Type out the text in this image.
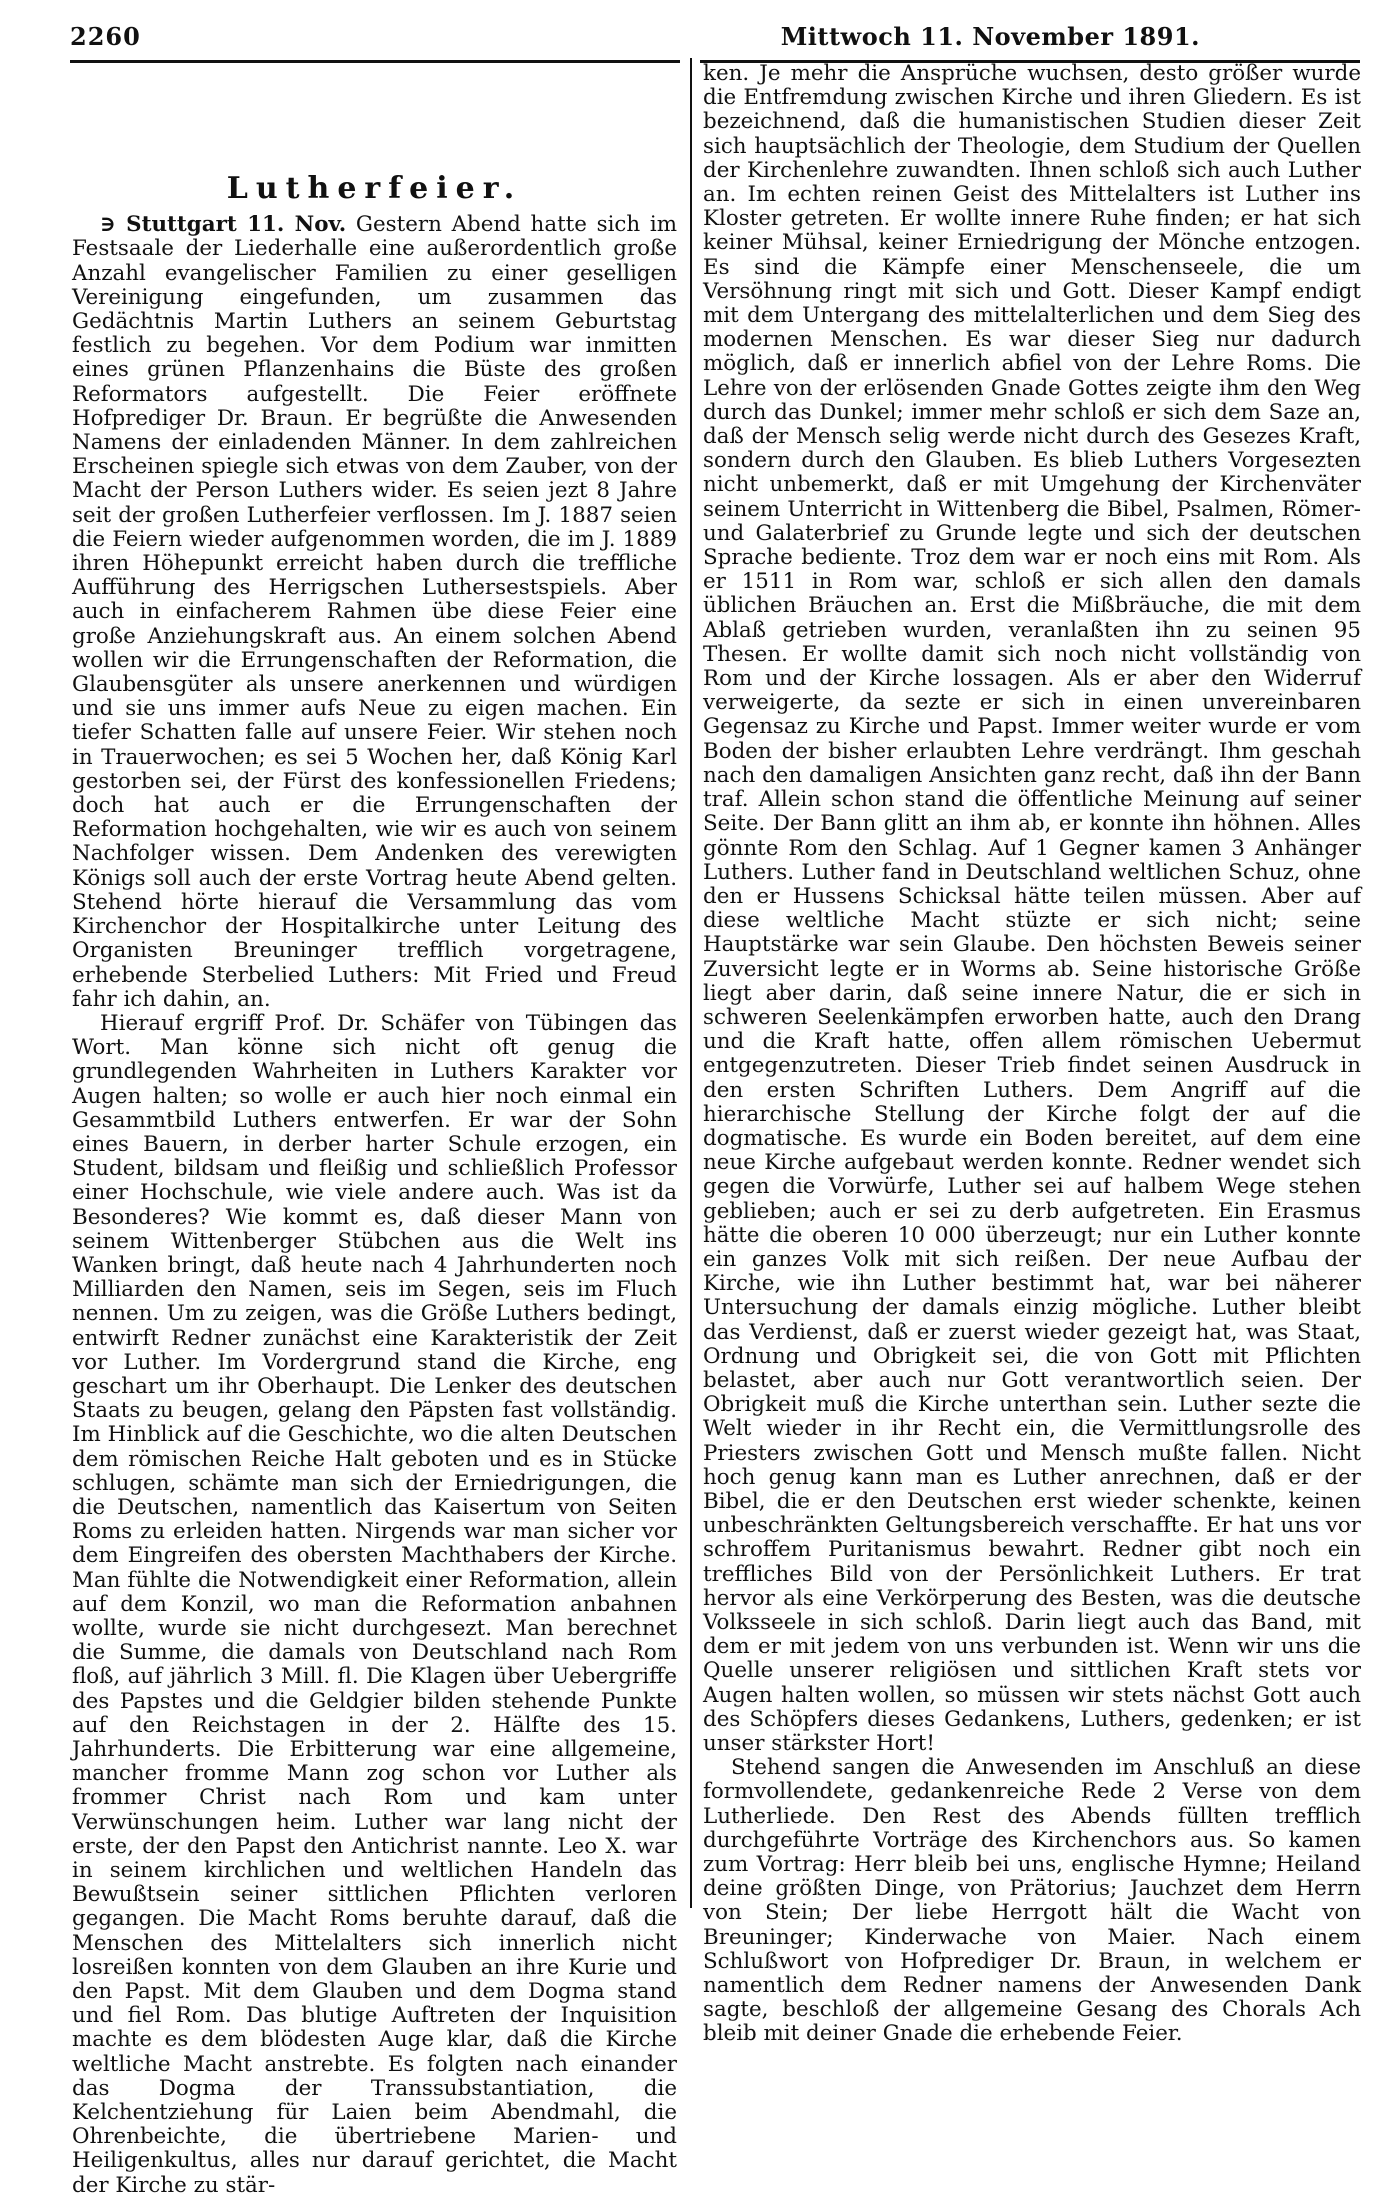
2260	Mittwoch 11. November 1891.
Lutherfeier.

∋ Stuttgart 11. Nov. Gestern Abend hatte sich im Festsaale der Liederhalle eine außerordentlich große Anzahl evangelischer Familien zu einer geselligen Vereinigung eingefunden, um zusammen das Gedächtnis Martin Luthers an seinem Geburtstag festlich zu begehen. Vor dem Podium war inmitten eines grünen Pflanzenhains die Büste des großen Reformators aufgestellt. Die Feier eröffnete Hofprediger Dr. Braun. Er begrüßte die Anwesenden Namens der einladenden Männer. In dem zahlreichen Erscheinen spiegle sich etwas von dem Zauber, von der Macht der Person Luthers wider. Es seien jezt 8 Jahre seit der großen Lutherfeier verflossen. Im J. 1887 seien die Feiern wieder aufgenommen worden, die im J. 1889 ihren Höhepunkt erreicht haben durch die treffliche Aufführung des Herrigschen Luthersestspiels. Aber auch in einfacherem Rahmen übe diese Feier eine große Anziehungskraft aus. An einem solchen Abend wollen wir die Errungenschaften der Reformation, die Glaubensgüter als unsere anerkennen und würdigen und sie uns immer aufs Neue zu eigen machen. Ein tiefer Schatten falle auf unsere Feier. Wir stehen noch in Trauerwochen; es sei 5 Wochen her, daß König Karl gestorben sei, der Fürst des konfessionellen Friedens; doch hat auch er die Errungenschaften der Reformation hochgehalten, wie wir es auch von seinem Nachfolger wissen. Dem Andenken des verewigten Königs soll auch der erste Vortrag heute Abend gelten. Stehend hörte hierauf die Versammlung das vom Kirchenchor der Hospitalkirche unter Leitung des Organisten Breuninger trefflich vorgetragene, erhebende Sterbelied Luthers: Mit Fried und Freud fahr ich dahin, an.

Hierauf ergriff Prof. Dr. Schäfer von Tübingen das Wort. Man könne sich nicht oft genug die grundlegenden Wahrheiten in Luthers Karakter vor Augen halten; so wolle er auch hier noch einmal ein Gesammtbild Luthers entwerfen. Er war der Sohn eines Bauern, in derber harter Schule erzogen, ein Student, bildsam und fleißig und schließlich Professor einer Hochschule, wie viele andere auch. Was ist da Besonderes? Wie kommt es, daß dieser Mann von seinem Wittenberger Stübchen aus die Welt ins Wanken bringt, daß heute nach 4 Jahrhunderten noch Milliarden den Namen, seis im Segen, seis im Fluch nennen. Um zu zeigen, was die Größe Luthers bedingt, entwirft Redner zunächst eine Karakteristik der Zeit vor Luther. Im Vordergrund stand die Kirche, eng geschart um ihr Oberhaupt. Die Lenker des deutschen Staats zu beugen, gelang den Päpsten fast vollständig. Im Hinblick auf die Geschichte, wo die alten Deutschen dem römischen Reiche Halt geboten und es in Stücke schlugen, schämte man sich der Erniedrigungen, die die Deutschen, namentlich das Kaisertum von Seiten Roms zu erleiden hatten. Nirgends war man sicher vor dem Eingreifen des obersten Machthabers der Kirche. Man fühlte die Notwendigkeit einer Reformation, allein auf dem Konzil, wo man die Reformation anbahnen wollte, wurde sie nicht durchgesezt. Man berechnet die Summe, die damals von Deutschland nach Rom floß, auf jährlich 3 Mill. fl. Die Klagen über Uebergriffe des Papstes und die Geldgier bilden stehende Punkte auf den Reichstagen in der 2. Hälfte des 15. Jahrhunderts. Die Erbitterung war eine allgemeine, mancher fromme Mann zog schon vor Luther als frommer Christ nach Rom und kam unter Verwünschungen heim. Luther war lang nicht der erste, der den Papst den Antichrist nannte. Leo X. war in seinem kirchlichen und weltlichen Handeln das Bewußtsein seiner sittlichen Pflichten verloren gegangen. Die Macht Roms beruhte darauf, daß die Menschen des Mittelalters sich innerlich nicht losreißen konnten von dem Glauben an ihre Kurie und den Papst. Mit dem Glauben und dem Dogma stand und fiel Rom. Das blutige Auftreten der Inquisition machte es dem blödesten Auge klar, daß die Kirche weltliche Macht anstrebte. Es folgten nach einander das Dogma der Transsubstantiation, die Kelchentziehung für Laien beim Abendmahl, die Ohrenbeichte, die übertriebene Marien- und Heiligenkultus, alles nur darauf gerichtet, die Macht der Kirche zu stär-

ken. Je mehr die Ansprüche wuchsen, desto größer wurde die Entfremdung zwischen Kirche und ihren Gliedern. Es ist bezeichnend, daß die humanistischen Studien dieser Zeit sich hauptsächlich der Theologie, dem Studium der Quellen der Kirchenlehre zuwandten. Ihnen schloß sich auch Luther an. Im echten reinen Geist des Mittelalters ist Luther ins Kloster getreten. Er wollte innere Ruhe finden; er hat sich keiner Mühsal, keiner Erniedrigung der Mönche entzogen. Es sind die Kämpfe einer Menschenseele, die um Versöhnung ringt mit sich und Gott. Dieser Kampf endigt mit dem Untergang des mittelalterlichen und dem Sieg des modernen Menschen. Es war dieser Sieg nur dadurch möglich, daß er innerlich abfiel von der Lehre Roms. Die Lehre von der erlösenden Gnade Gottes zeigte ihm den Weg durch das Dunkel; immer mehr schloß er sich dem Saze an, daß der Mensch selig werde nicht durch des Gesezes Kraft, sondern durch den Glauben. Es blieb Luthers Vorgesezten nicht unbemerkt, daß er mit Umgehung der Kirchenväter seinem Unterricht in Wittenberg die Bibel, Psalmen, Römer- und Galaterbrief zu Grunde legte und sich der deutschen Sprache bediente. Troz dem war er noch eins mit Rom. Als er 1511 in Rom war, schloß er sich allen den damals üblichen Bräuchen an. Erst die Mißbräuche, die mit dem Ablaß getrieben wurden, veranlaßten ihn zu seinen 95 Thesen. Er wollte damit sich noch nicht vollständig von Rom und der Kirche lossagen. Als er aber den Widerruf verweigerte, da sezte er sich in einen unvereinbaren Gegensaz zu Kirche und Papst. Immer weiter wurde er vom Boden der bisher erlaubten Lehre verdrängt. Ihm geschah nach den damaligen Ansichten ganz recht, daß ihn der Bann traf. Allein schon stand die öffentliche Meinung auf seiner Seite. Der Bann glitt an ihm ab, er konnte ihn höhnen. Alles gönnte Rom den Schlag. Auf 1 Gegner kamen 3 Anhänger Luthers. Luther fand in Deutschland weltlichen Schuz, ohne den er Hussens Schicksal hätte teilen müssen. Aber auf diese weltliche Macht stüzte er sich nicht; seine Hauptstärke war sein Glaube. Den höchsten Beweis seiner Zuversicht legte er in Worms ab. Seine historische Größe liegt aber darin, daß seine innere Natur, die er sich in schweren Seelenkämpfen erworben hatte, auch den Drang und die Kraft hatte, offen allem römischen Uebermut entgegenzutreten. Dieser Trieb findet seinen Ausdruck in den ersten Schriften Luthers. Dem Angriff auf die hierarchische Stellung der Kirche folgt der auf die dogmatische. Es wurde ein Boden bereitet, auf dem eine neue Kirche aufgebaut werden konnte. Redner wendet sich gegen die Vorwürfe, Luther sei auf halbem Wege stehen geblieben; auch er sei zu derb aufgetreten. Ein Erasmus hätte die oberen 10 000 überzeugt; nur ein Luther konnte ein ganzes Volk mit sich reißen. Der neue Aufbau der Kirche, wie ihn Luther bestimmt hat, war bei näherer Untersuchung der damals einzig mögliche. Luther bleibt das Verdienst, daß er zuerst wieder gezeigt hat, was Staat, Ordnung und Obrigkeit sei, die von Gott mit Pflichten belastet, aber auch nur Gott verantwortlich seien. Der Obrigkeit muß die Kirche unterthan sein. Luther sezte die Welt wieder in ihr Recht ein, die Vermittlungsrolle des Priesters zwischen Gott und Mensch mußte fallen. Nicht hoch genug kann man es Luther anrechnen, daß er der Bibel, die er den Deutschen erst wieder schenkte, keinen unbeschränkten Geltungsbereich verschaffte. Er hat uns vor schroffem Puritanismus bewahrt. Redner gibt noch ein treffliches Bild von der Persönlichkeit Luthers. Er trat hervor als eine Verkörperung des Besten, was die deutsche Volksseele in sich schloß. Darin liegt auch das Band, mit dem er mit jedem von uns verbunden ist. Wenn wir uns die Quelle unserer religiösen und sittlichen Kraft stets vor Augen halten wollen, so müssen wir stets nächst Gott auch des Schöpfers dieses Gedankens, Luthers, gedenken; er ist unser stärkster Hort!

Stehend sangen die Anwesenden im Anschluß an diese formvollendete, gedankenreiche Rede 2 Verse von dem Lutherliede. Den Rest des Abends füllten trefflich durchgeführte Vorträge des Kirchenchors aus. So kamen zum Vortrag: Herr bleib bei uns, englische Hymne; Heiland deine größten Dinge, von Prätorius; Jauchzet dem Herrn von Stein; Der liebe Herrgott hält die Wacht von Breuninger; Kinderwache von Maier. Nach einem Schlußwort von Hofprediger Dr. Braun, in welchem er namentlich dem Redner namens der Anwesenden Dank sagte, beschloß der allgemeine Gesang des Chorals Ach bleib mit deiner Gnade die erhebende Feier.
